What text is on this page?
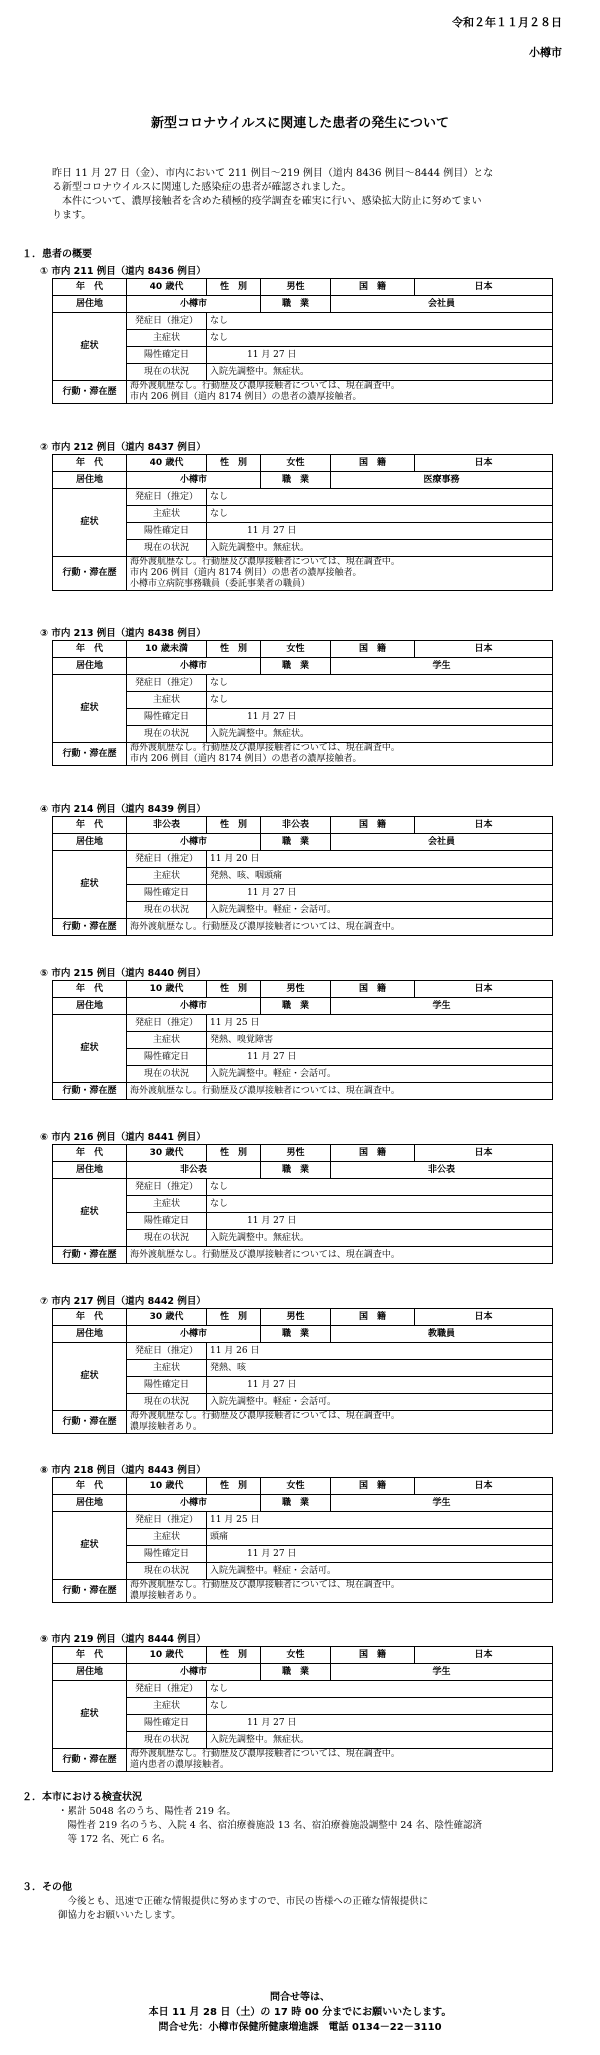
令和２年１１月２８日
小樽市
新型コロナウイルスに関連した患者の発生について
昨日 11 月 27 日（金）、市内において 211 例目～219 例目（道内 8436 例目～8444 例目）とな
る新型コロナウイルスに関連した感染症の患者が確認されました。
本件について、濃厚接触者を含めた積極的疫学調査を確実に行い、感染拡大防止に努めてまい
ります。
１．患者の概要
① 市内 211 例目（道内 8436 例目）
年　代	40 歳代	性　別	男性	国　籍	日本
居住地	小樽市		職　業	会社員	
症状	発症日（推定）	なし			
	主症状	なし			
	陽性確定日	11 月 27 日			
	現在の状況	入院先調整中。無症状。			
行動・滞在歴	海外渡航歴なし。行動歴及び濃厚接触者については、現在調査中。
市内 206 例目（道内 8174 例目）の患者の濃厚接触者。				
② 市内 212 例目（道内 8437 例目）
年　代	40 歳代	性　別	女性	国　籍	日本
居住地	小樽市		職　業	医療事務	
症状	発症日（推定）	なし			
	主症状	なし			
	陽性確定日	11 月 27 日			
	現在の状況	入院先調整中。無症状。			
行動・滞在歴	海外渡航歴なし。行動歴及び濃厚接触者については、現在調査中。
市内 206 例目（道内 8174 例目）の患者の濃厚接触者。
小樽市立病院事務職員（委託事業者の職員）				
③ 市内 213 例目（道内 8438 例目）
年　代	10 歳未満	性　別	女性	国　籍	日本
居住地	小樽市		職　業	学生	
症状	発症日（推定）	なし			
	主症状	なし			
	陽性確定日	11 月 27 日			
	現在の状況	入院先調整中。無症状。			
行動・滞在歴	海外渡航歴なし。行動歴及び濃厚接触者については、現在調査中。
市内 206 例目（道内 8174 例目）の患者の濃厚接触者。				
④ 市内 214 例目（道内 8439 例目）
年　代	非公表	性　別	非公表	国　籍	日本
居住地	小樽市		職　業	会社員	
症状	発症日（推定）	11 月 20 日			
	主症状	発熱、咳、咽頭痛			
	陽性確定日	11 月 27 日			
	現在の状況	入院先調整中。軽症・会話可。			
行動・滞在歴	海外渡航歴なし。行動歴及び濃厚接触者については、現在調査中。				
⑤ 市内 215 例目（道内 8440 例目）
年　代	10 歳代	性　別	男性	国　籍	日本
居住地	小樽市		職　業	学生	
症状	発症日（推定）	11 月 25 日			
	主症状	発熱、嗅覚障害			
	陽性確定日	11 月 27 日			
	現在の状況	入院先調整中。軽症・会話可。			
行動・滞在歴	海外渡航歴なし。行動歴及び濃厚接触者については、現在調査中。				
⑥ 市内 216 例目（道内 8441 例目）
年　代	30 歳代	性　別	男性	国　籍	日本
居住地	非公表		職　業	非公表	
症状	発症日（推定）	なし			
	主症状	なし			
	陽性確定日	11 月 27 日			
	現在の状況	入院先調整中。無症状。			
行動・滞在歴	海外渡航歴なし。行動歴及び濃厚接触者については、現在調査中。				
⑦ 市内 217 例目（道内 8442 例目）
年　代	30 歳代	性　別	男性	国　籍	日本
居住地	小樽市		職　業	教職員	
症状	発症日（推定）	11 月 26 日			
	主症状	発熱、咳			
	陽性確定日	11 月 27 日			
	現在の状況	入院先調整中。軽症・会話可。			
行動・滞在歴	海外渡航歴なし。行動歴及び濃厚接触者については、現在調査中。
濃厚接触者あり。				
⑧ 市内 218 例目（道内 8443 例目）
年　代	10 歳代	性　別	女性	国　籍	日本
居住地	小樽市		職　業	学生	
症状	発症日（推定）	11 月 25 日			
	主症状	頭痛			
	陽性確定日	11 月 27 日			
	現在の状況	入院先調整中。軽症・会話可。			
行動・滞在歴	海外渡航歴なし。行動歴及び濃厚接触者については、現在調査中。
濃厚接触者あり。				
⑨ 市内 219 例目（道内 8444 例目）
年　代	10 歳代	性　別	女性	国　籍	日本
居住地	小樽市		職　業	学生	
症状	発症日（推定）	なし			
	主症状	なし			
	陽性確定日	11 月 27 日			
	現在の状況	入院先調整中。無症状。			
行動・滞在歴	海外渡航歴なし。行動歴及び濃厚接触者については、現在調査中。
道内患者の濃厚接触者。				
２．本市における検査状況
・累計 5048 名のうち、陽性者 219 名。
　陽性者 219 名のうち、入院 4 名、宿泊療養施設 13 名、宿泊療養施設調整中 24 名、陰性確認済
　等 172 名、死亡 6 名。
３．その他
　今後とも、迅速で正確な情報提供に努めますので、市民の皆様への正確な情報提供に
御協力をお願いいたします。
問合せ等は、
本日 11 月 28 日（土）の 17 時 00 分までにお願いいたします。
問合せ先：小樽市保健所健康増進課　電話 0134－22－3110
